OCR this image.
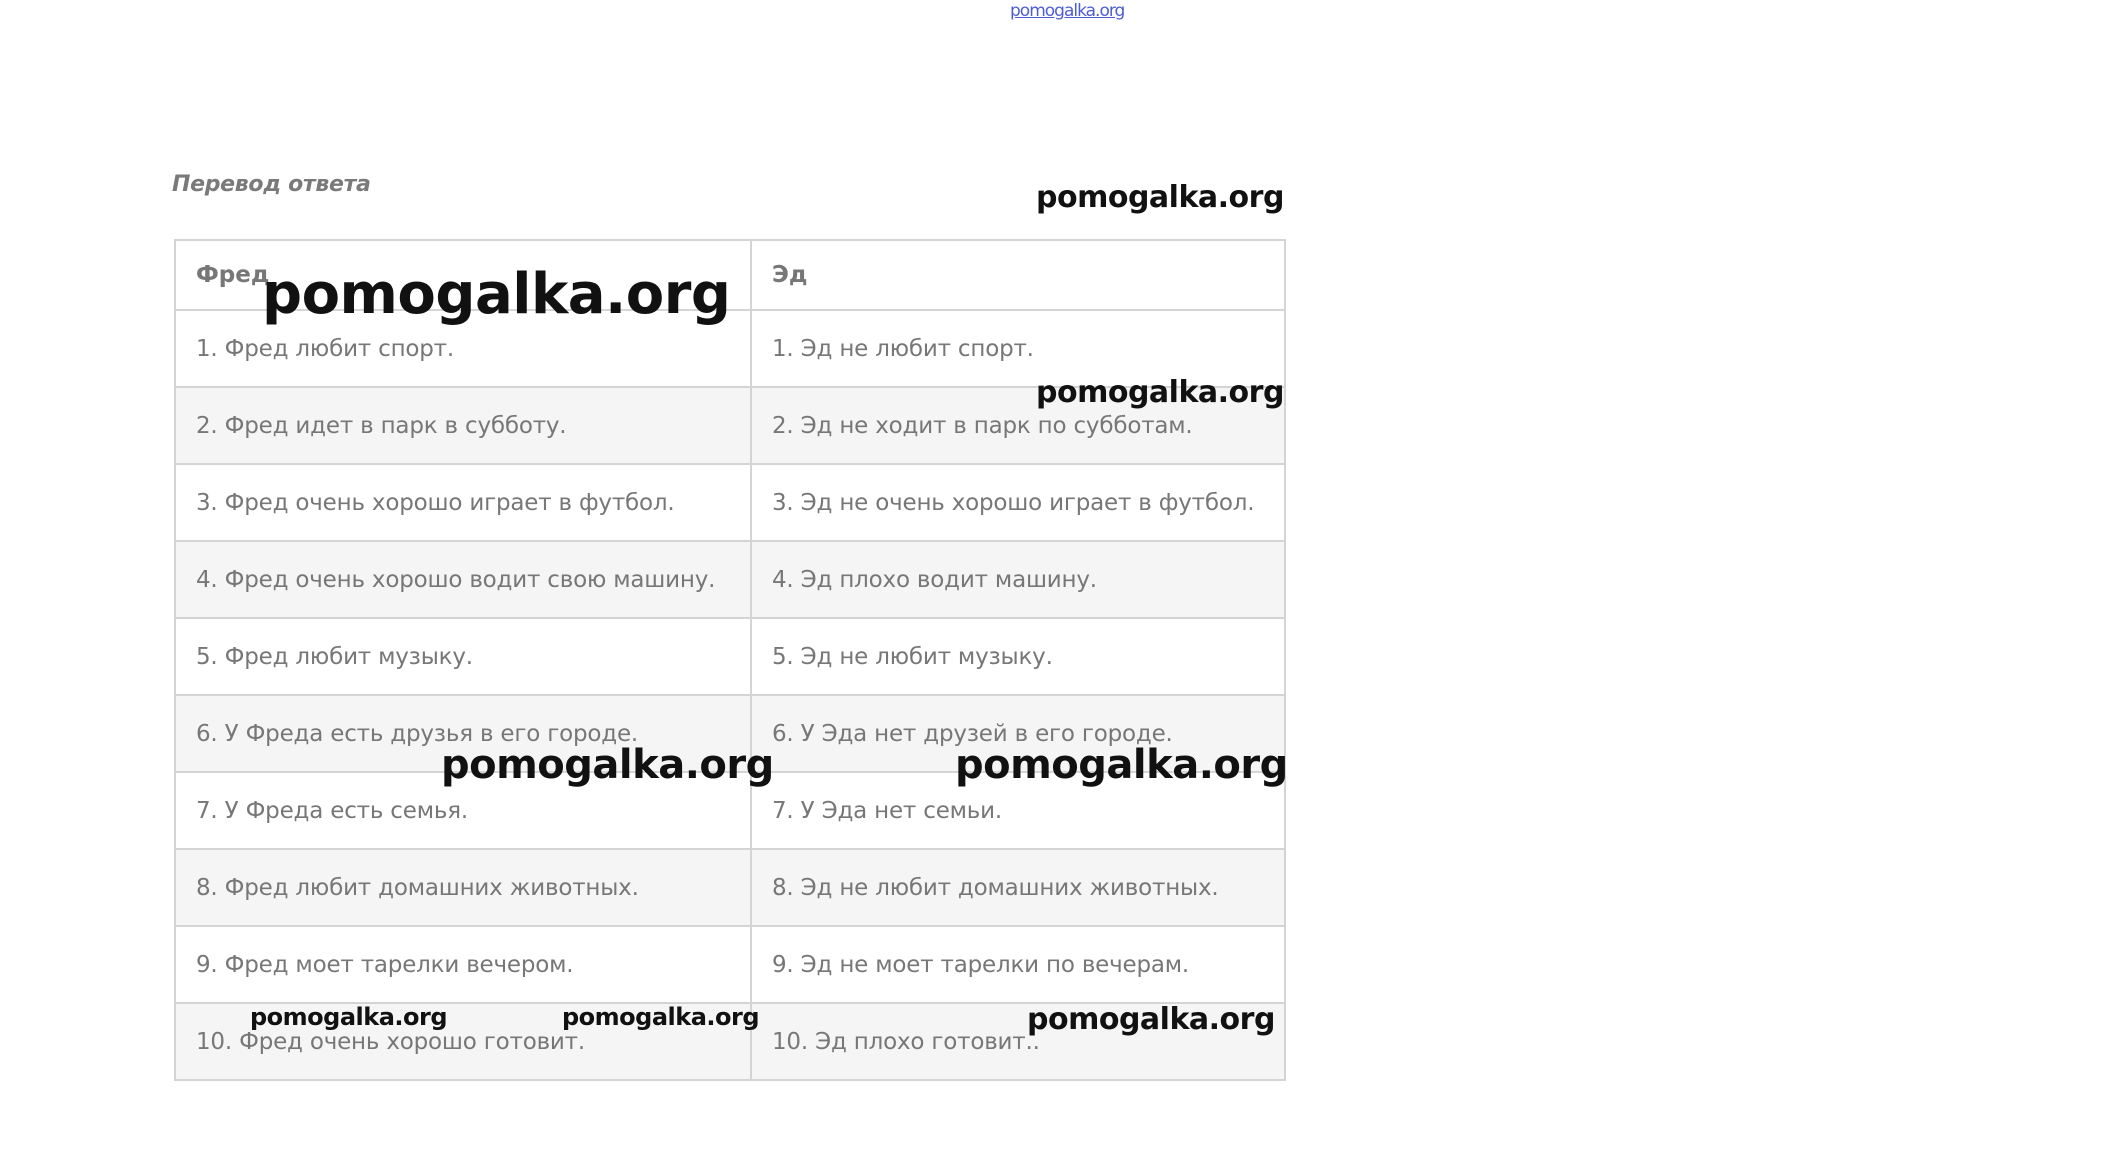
pomogalka.org
Перевод ответа
Фред	Эд
1. Фред любит спорт.	1. Эд не любит спорт.
2. Фред идет в парк в субботу.	2. Эд не ходит в парк по субботам.
3. Фред очень хорошо играет в футбол.	3. Эд не очень хорошо играет в футбол.
4. Фред очень хорошо водит свою машину.	4. Эд плохо водит машину.
5. Фред любит музыку.	5. Эд не любит музыку.
6. У Фреда есть друзья в его городе.	6. У Эда нет друзей в его городе.
7. У Фреда есть семья.	7. У Эда нет семьи.
8. Фред любит домашних животных.	8. Эд не любит домашних животных.
9. Фред моет тарелки вечером.	9. Эд не моет тарелки по вечерам.
10. Фред очень хорошо готовит.	10. Эд плохо готовит..
pomogalka.org
pomogalka.org
pomogalka.org
pomogalka.org	pomogalka.org
pomogalka.org	pomogalka.org	pomogalka.org
